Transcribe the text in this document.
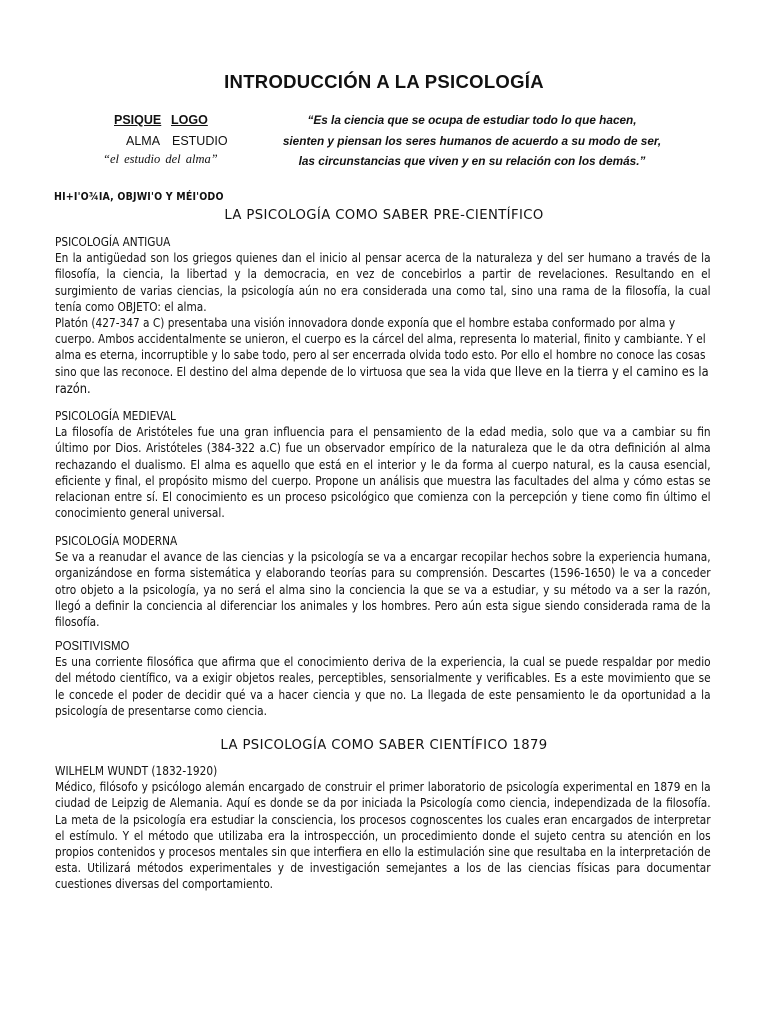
INTRODUCCIÓN A LA PSICOLOGÍA
PSIQUE LOGO
ALMA ESTUDIO
“el estudio del alma”
“Es la ciencia que se ocupa de estudiar todo lo que hacen,
sienten y piensan los seres humanos de acuerdo a su modo de ser,
las circunstancias que viven y en su relación con los demás.”
HI+I'O¾IA, OBJWI'O Y MÉI'ODO
LA PSICOLOGÍA COMO SABER PRE-CIENTÍFICO
PSICOLOGÍA ANTIGUA
En la antigüedad son los griegos quienes dan el inicio al pensar acerca de la naturaleza y del ser humano a través de la filosofía, la ciencia, la libertad y la democracia, en vez de concebirlos a partir de revelaciones. Resultando en el surgimiento de varias ciencias, la psicología aún no era considerada una como tal, sino una rama de la filosofía, la cual tenía como OBJETO: el alma.
Platón (427-347 a C) presentaba una visión innovadora donde exponía que el hombre estaba conformado por alma y cuerpo. Ambos accidentalmente se unieron, el cuerpo es la cárcel del alma, representa lo material, finito y cambiante. Y el alma es eterna, incorruptible y lo sabe todo, pero al ser encerrada olvida todo esto. Por ello el hombre no conoce las cosas sino que las reconoce. El destino del alma depende de lo virtuosa que sea la vida que lleve en la tierra y el camino es la razón.
PSICOLOGÍA MEDIEVAL
La filosofía de Aristóteles fue una gran influencia para el pensamiento de la edad media, solo que va a cambiar su fin último por Dios. Aristóteles (384-322 a.C) fue un observador empírico de la naturaleza que le da otra definición al alma rechazando el dualismo. El alma es aquello que está en el interior y le da forma al cuerpo natural, es la causa esencial, eficiente y final, el propósito mismo del cuerpo. Propone un análisis que muestra las facultades del alma y cómo estas se relacionan entre sí. El conocimiento es un proceso psicológico que comienza con la percepción y tiene como fin último el conocimiento general universal.
PSICOLOGÍA MODERNA
Se va a reanudar el avance de las ciencias y la psicología se va a encargar recopilar hechos sobre la experiencia humana, organizándose en forma sistemática y elaborando teorías para su comprensión. Descartes (1596-1650) le va a conceder otro objeto a la psicología, ya no será el alma sino la conciencia la que se va a estudiar, y su método va a ser la razón, llegó a definir la conciencia al diferenciar los animales y los hombres. Pero aún esta sigue siendo considerada rama de la filosofía.
POSITIVISMO
Es una corriente filosófica que afirma que el conocimiento deriva de la experiencia, la cual se puede respaldar por medio del método científico, va a exigir objetos reales, perceptibles, sensorialmente y verificables. Es a este movimiento que se le concede el poder de decidir qué va a hacer ciencia y que no. La llegada de este pensamiento le da oportunidad a la psicología de presentarse como ciencia.
LA PSICOLOGÍA COMO SABER CIENTÍFICO 1879
WILHELM WUNDT (1832-1920)
Médico, filósofo y psicólogo alemán encargado de construir el primer laboratorio de psicología experimental en 1879 en la ciudad de Leipzig de Alemania. Aquí es donde se da por iniciada la Psicología como ciencia, independizada de la filosofía. La meta de la psicología era estudiar la consciencia, los procesos cognoscentes los cuales eran encargados de interpretar el estímulo. Y el método que utilizaba era la introspección, un procedimiento donde el sujeto centra su atención en los propios contenidos y procesos mentales sin que interfiera en ello la estimulación sine que resultaba en la interpretación de esta. Utilizará métodos experimentales y de investigación semejantes a los de las ciencias físicas para documentar cuestiones diversas del comportamiento.
